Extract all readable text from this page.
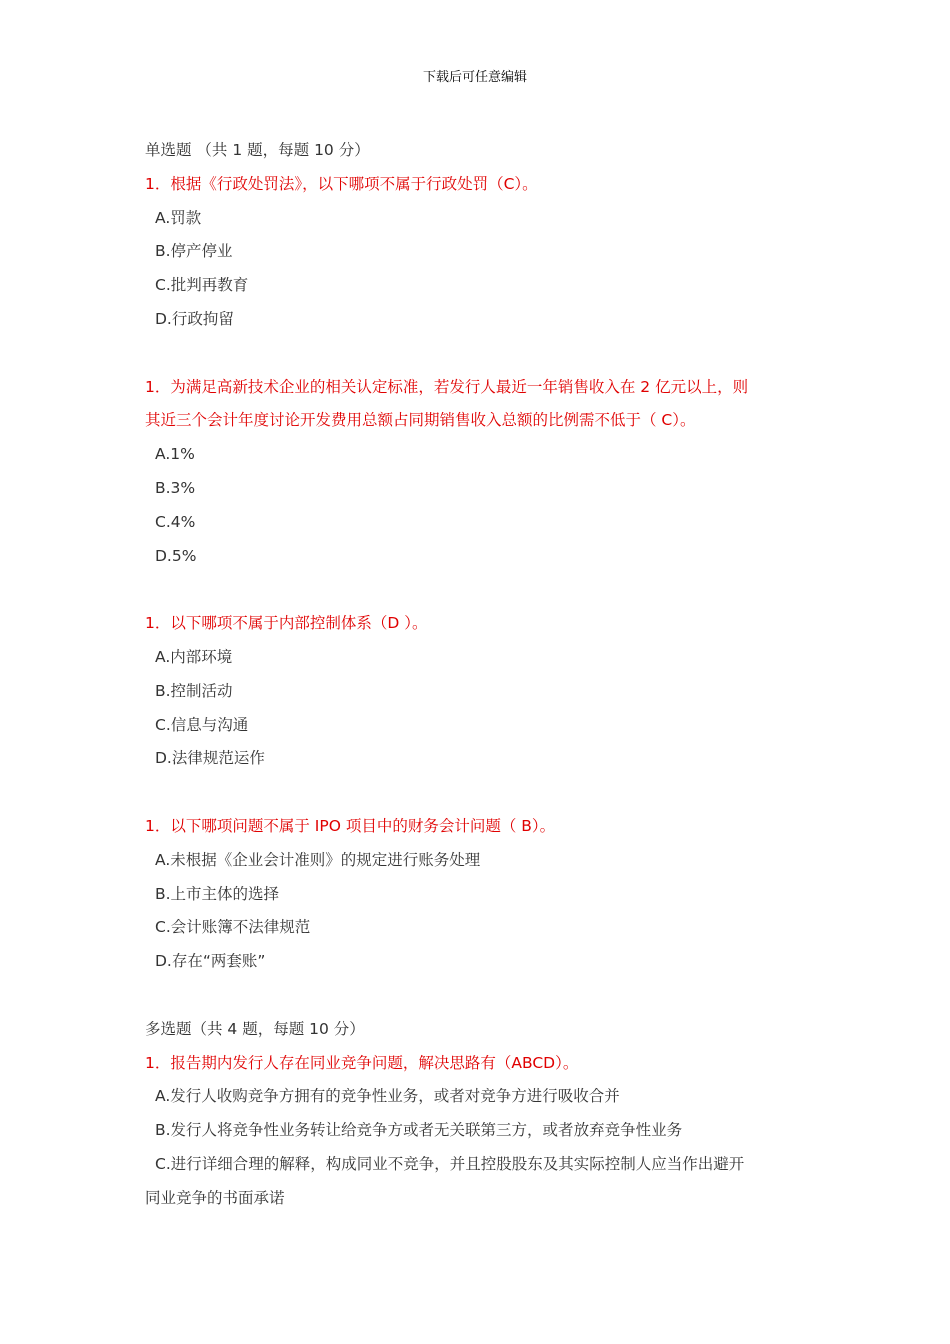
下载后可任意编辑
单选题 （共 1 题，每题 10 分）
1．根据《行政处罚法》，以下哪项不属于行政处罚（C）。
A.罚款
B.停产停业
C.批判再教育
D.行政拘留
1．为满足高新技术企业的相关认定标准，若发行人最近一年销售收入在 2 亿元以上，则
其近三个会计年度讨论开发费用总额占同期销售收入总额的比例需不低于（ C）。
A.1%
B.3%
C.4%
D.5%
1．以下哪项不属于内部控制体系（D ）。
A.内部环境
B.控制活动
C.信息与沟通
D.法律规范运作
1．以下哪项问题不属于 IPO 项目中的财务会计问题（ B）。
A.未根据《企业会计准则》的规定进行账务处理
B.上市主体的选择
C.会计账簿不法律规范
D.存在“两套账”
多选题（共 4 题，每题 10 分）
1．报告期内发行人存在同业竞争问题，解决思路有（ABCD）。
A.发行人收购竞争方拥有的竞争性业务，或者对竞争方进行吸收合并
B.发行人将竞争性业务转让给竞争方或者无关联第三方，或者放弃竞争性业务
C.进行详细合理的解释，构成同业不竞争，并且控股股东及其实际控制人应当作出避开
同业竞争的书面承诺
